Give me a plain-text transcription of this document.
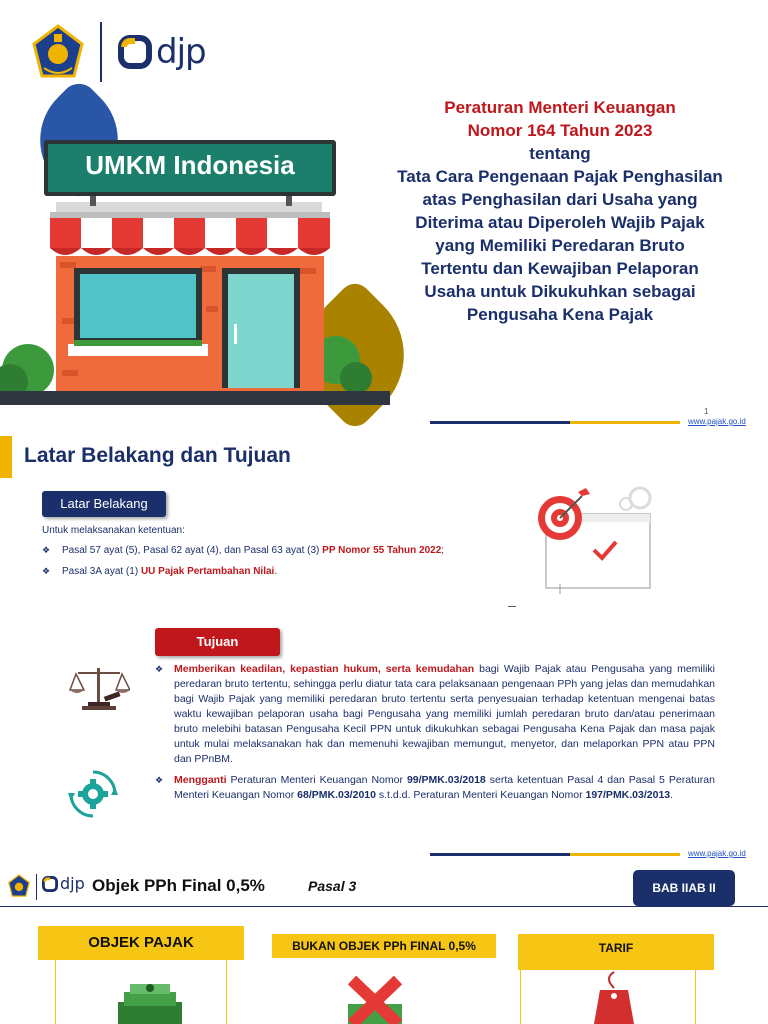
djp
UMKM Indonesia
Peraturan Menteri Keuangan
Nomor 164 Tahun 2023
tentang
Tata Cara Pengenaan Pajak Penghasilan
atas Penghasilan dari Usaha yang
Diterima atau Diperoleh Wajib Pajak
yang Memiliki Peredaran Bruto
Tertentu dan Kewajiban Pelaporan
Usaha untuk Dikukuhkan sebagai
Pengusaha Kena Pajak
1
www.pajak.go.id
Latar Belakang dan Tujuan
Latar Belakang

Untuk melaksanakan ketentuan:

❖ Pasal 57 ayat (5), Pasal 62 ayat (4), dan Pasal 63 ayat (3) PP Nomor 55 Tahun 2022;
❖ Pasal 3A ayat (1) UU Pajak Pertambahan Nilai.
Tujuan
❖ Memberikan keadilan, kepastian hukum, serta kemudahan bagi Wajib Pajak atau Pengusaha yang memiliki peredaran bruto tertentu, sehingga perlu diatur tata cara pelaksanaan pengenaan PPh yang jelas dan memudahkan bagi Wajib Pajak yang memiliki peredaran bruto tertentu serta penyesuaian terhadap ketentuan mengenai batas waktu kewajiban pelaporan usaha bagi Pengusaha yang memiliki jumlah peredaran bruto dan/atau penerimaan bruto melebihi batasan Pengusaha Kecil PPN untuk dikukuhkan sebagai Pengusaha Kena Pajak dan masa pajak untuk mulai melaksanakan hak dan memenuhi kewajiban memungut, menyetor, dan melaporkan PPN atau PPN dan PPnBM.
❖ Mengganti Peraturan Menteri Keuangan Nomor 99/PMK.03/2018 serta ketentuan Pasal 4 dan Pasal 5 Peraturan Menteri Keuangan Nomor 68/PMK.03/2010 s.t.d.d. Peraturan Menteri Keuangan Nomor 197/PMK.03/2013.
www.pajak.go.id
djp Objek PPh Final 0,5%	Pasal 3	BAB IIAB II
OBJEK PAJAK	BUKAN OBJEK PPh FINAL 0,5%	TARIF
